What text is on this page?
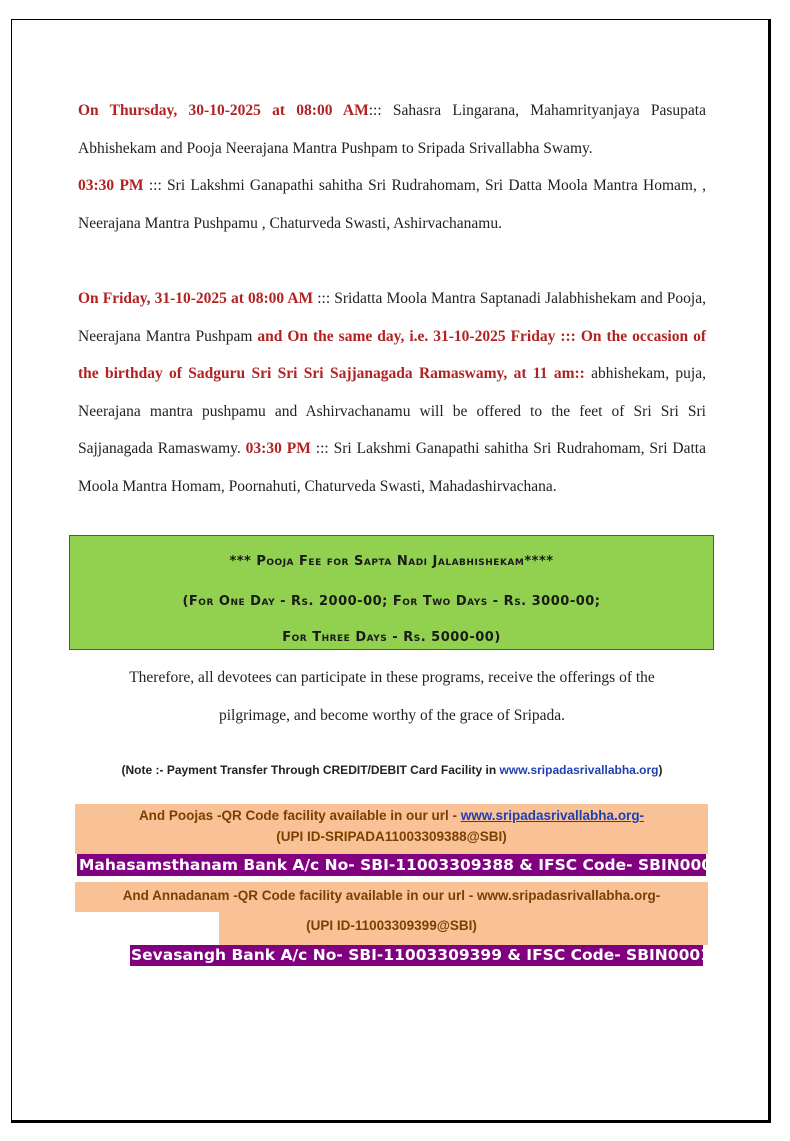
On Thursday, 30-10-2025 at 08:00 AM::: Sahasra Lingarana, Mahamrityanjaya Pasupata Abhishekam and Pooja Neerajana Mantra Pushpam to Sripada Srivallabha Swamy.

03:30 PM ::: Sri Lakshmi Ganapathi sahitha Sri Rudrahomam, Sri Datta Moola Mantra Homam, , Neerajana Mantra Pushpamu , Chaturveda Swasti, Ashirvachanamu.

On Friday, 31-10-2025 at 08:00 AM ::: Sridatta Moola Mantra Saptanadi Jalabhishekam and Pooja, Neerajana Mantra Pushpam and On the same day, i.e. 31-10-2025 Friday ::: On the occasion of the birthday of Sadguru Sri Sri Sri Sajjanagada Ramaswamy, at 11 am:: abhishekam, puja, Neerajana mantra pushpamu and Ashirvachanamu will be offered to the feet of Sri Sri Sri Sajjanagada Ramaswamy. 03:30 PM ::: Sri Lakshmi Ganapathi sahitha Sri Rudrahomam, Sri Datta Moola Mantra Homam, Poornahuti, Chaturveda Swasti, Mahadashirvachana.

*** Pooja Fee for Sapta Nadi Jalabhishekam****
(For One Day - Rs. 2000-00; For Two Days - Rs. 3000-00;
For Three Days - Rs. 5000-00)
Therefore, all devotees can participate in these programs, receive the offerings of the
pilgrimage, and become worthy of the grace of Sripada.
(Note :- Payment Transfer Through CREDIT/DEBIT Card Facility in www.sripadasrivallabha.org)
And Poojas -QR Code facility available in our url - www.sripadasrivallabha.org-
(UPI ID-SRIPADA11003309388@SBI)
Mahasamsthanam Bank A/c No- SBI-11003309388 & IFSC Code- SBIN0001003
And Annadanam -QR Code facility available in our url - www.sripadasrivallabha.org-
(UPI ID-11003309399@SBI)
Sevasangh Bank A/c No- SBI-11003309399 & IFSC Code- SBIN0001003
